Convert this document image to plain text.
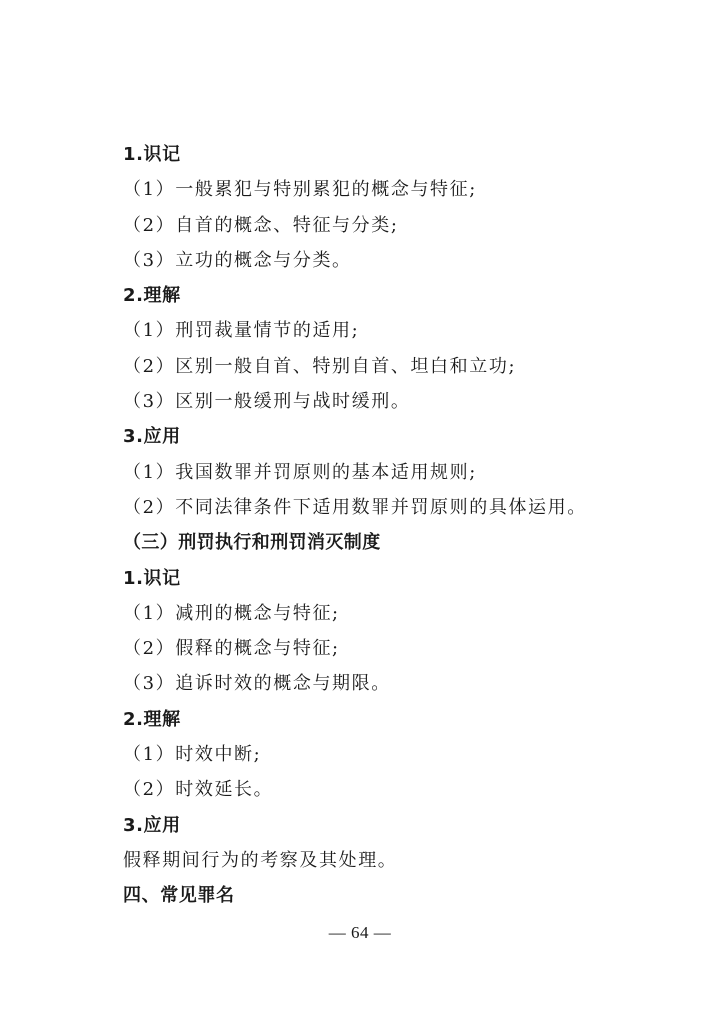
1.识记
（1）一般累犯与特别累犯的概念与特征;
（2）自首的概念、特征与分类;
（3）立功的概念与分类。
2.理解
（1）刑罚裁量情节的适用;
（2）区别一般自首、特别自首、坦白和立功;
（3）区别一般缓刑与战时缓刑。
3.应用
（1）我国数罪并罚原则的基本适用规则;
（2）不同法律条件下适用数罪并罚原则的具体运用。
（三）刑罚执行和刑罚消灭制度
1.识记
（1）减刑的概念与特征;
（2）假释的概念与特征;
（3）追诉时效的概念与期限。
2.理解
（1）时效中断;
（2）时效延长。
3.应用
假释期间行为的考察及其处理。
四、常见罪名
— 64 —
